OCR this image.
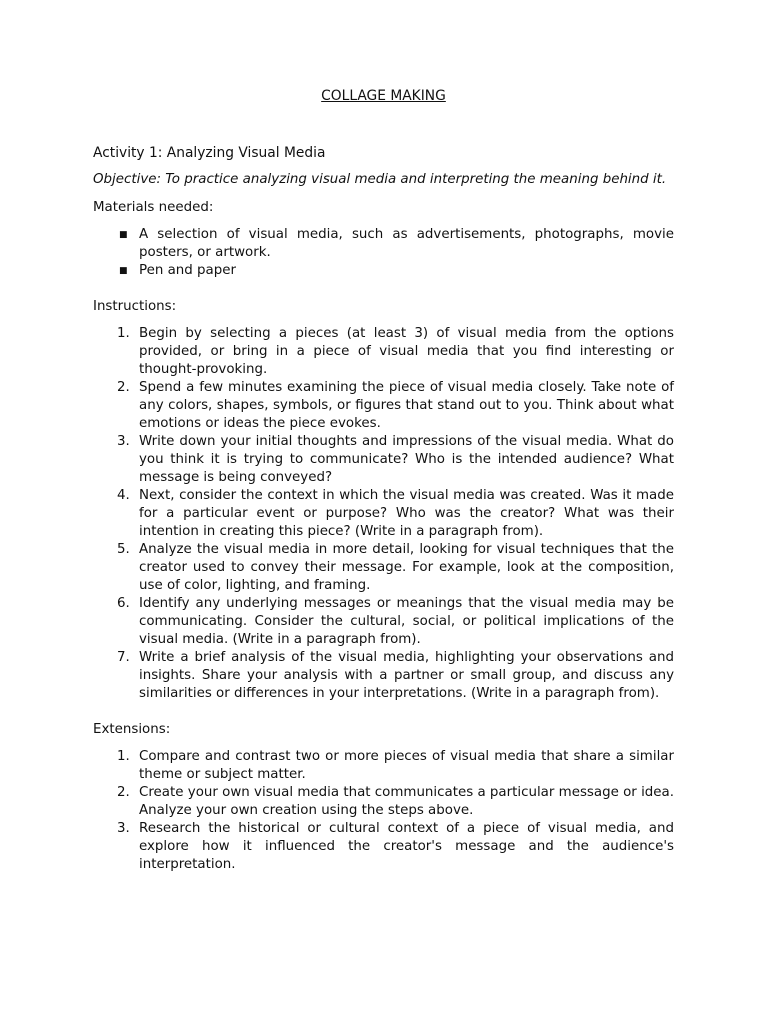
COLLAGE MAKING

Activity 1: Analyzing Visual Media

Objective: To practice analyzing visual media and interpreting the meaning behind it.

Materials needed:

■ A selection of visual media, such as advertisements, photographs, movie posters, or artwork.
■ Pen and paper

Instructions:

1. Begin by selecting a pieces (at least 3) of visual media from the options provided, or bring in a piece of visual media that you find interesting or thought-provoking.
2. Spend a few minutes examining the piece of visual media closely. Take note of any colors, shapes, symbols, or figures that stand out to you. Think about what emotions or ideas the piece evokes.
3. Write down your initial thoughts and impressions of the visual media. What do you think it is trying to communicate? Who is the intended audience? What message is being conveyed?
4. Next, consider the context in which the visual media was created. Was it made for a particular event or purpose? Who was the creator? What was their intention in creating this piece? (Write in a paragraph from).
5. Analyze the visual media in more detail, looking for visual techniques that the creator used to convey their message. For example, look at the composition, use of color, lighting, and framing.
6. Identify any underlying messages or meanings that the visual media may be communicating. Consider the cultural, social, or political implications of the visual media. (Write in a paragraph from).
7. Write a brief analysis of the visual media, highlighting your observations and insights. Share your analysis with a partner or small group, and discuss any similarities or differences in your interpretations. (Write in a paragraph from).

Extensions:

1. Compare and contrast two or more pieces of visual media that share a similar theme or subject matter.
2. Create your own visual media that communicates a particular message or idea. Analyze your own creation using the steps above.
3. Research the historical or cultural context of a piece of visual media, and explore how it influenced the creator's message and the audience's interpretation.
